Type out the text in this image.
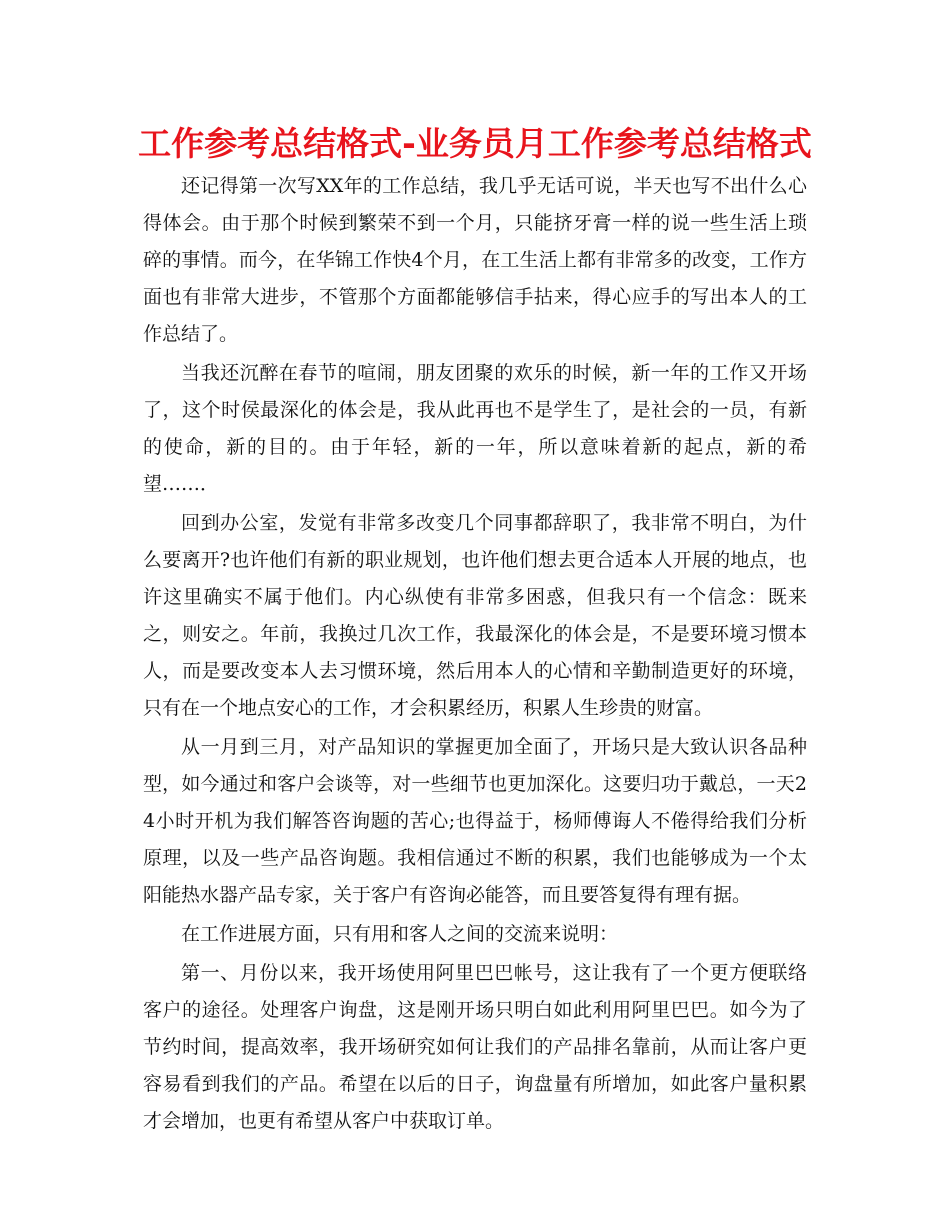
工作参考总结格式-业务员月工作参考总结格式

还记得第一次写XX年的工作总结，我几乎无话可说，半天也写不出什么心得体会。由于那个时候到繁荣不到一个月，只能挤牙膏一样的说一些生活上琐碎的事情。而今，在华锦工作快4个月，在工生活上都有非常多的改变，工作方面也有非常大进步，不管那个方面都能够信手拈来，得心应手的写出本人的工作总结了。

当我还沉醉在春节的喧闹，朋友团聚的欢乐的时候，新一年的工作又开场了，这个时侯最深化的体会是，我从此再也不是学生了，是社会的一员，有新的使命，新的目的。由于年轻，新的一年，所以意味着新的起点，新的希望……．

回到办公室，发觉有非常多改变几个同事都辞职了，我非常不明白，为什么要离开?也许他们有新的职业规划，也许他们想去更合适本人开展的地点，也许这里确实不属于他们。内心纵使有非常多困惑，但我只有一个信念：既来之，则安之。年前，我换过几次工作，我最深化的体会是，不是要环境习惯本人，而是要改变本人去习惯环境，然后用本人的心情和辛勤制造更好的环境，只有在一个地点安心的工作，才会积累经历，积累人生珍贵的财富。

从一月到三月，对产品知识的掌握更加全面了，开场只是大致认识各品种型，如今通过和客户会谈等，对一些细节也更加深化。这要归功于戴总，一天24小时开机为我们解答咨询题的苦心;也得益于，杨师傅诲人不倦得给我们分析原理，以及一些产品咨询题。我相信通过不断的积累，我们也能够成为一个太阳能热水器产品专家，关于客户有咨询必能答，而且要答复得有理有据。

在工作进展方面，只有用和客人之间的交流来说明：

第一、月份以来，我开场使用阿里巴巴帐号，这让我有了一个更方便联络客户的途径。处理客户询盘，这是刚开场只明白如此利用阿里巴巴。如今为了节约时间，提高效率，我开场研究如何让我们的产品排名靠前，从而让客户更容易看到我们的产品。希望在以后的日子，询盘量有所增加，如此客户量积累才会增加，也更有希望从客户中获取订单。
